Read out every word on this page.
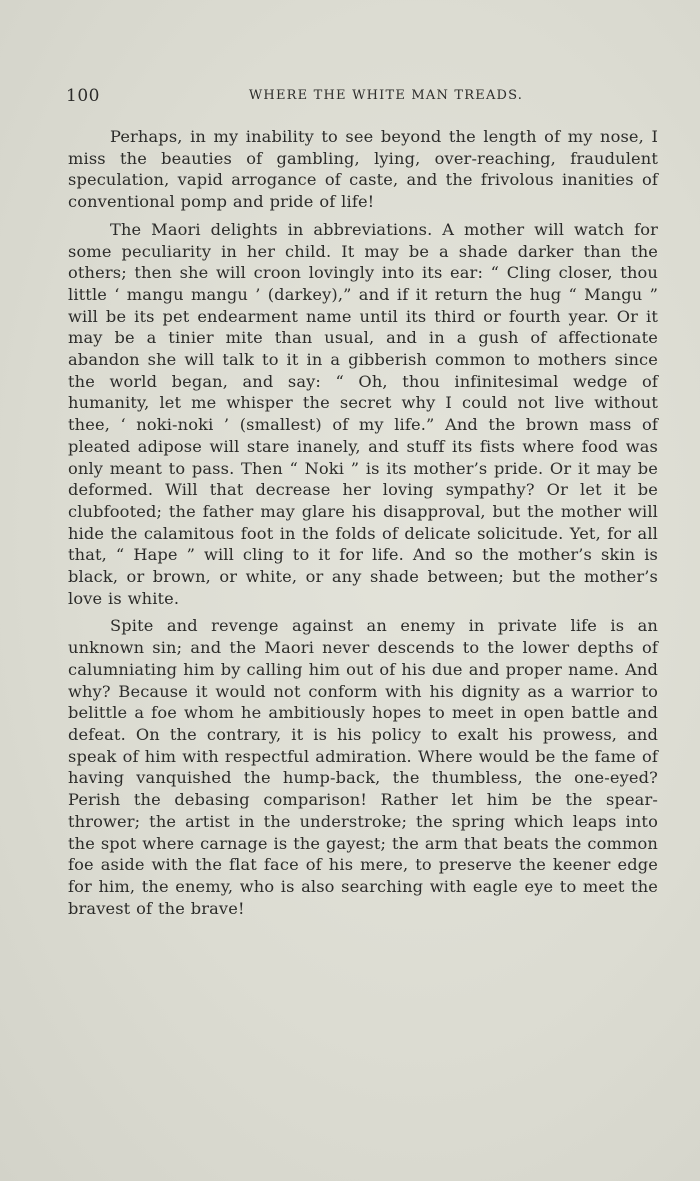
100	WHERE THE WHITE MAN TREADS.

Perhaps, in my inability to see beyond the length of my nose, I miss the beauties of gambling, lying, over-reaching, fraudulent speculation, vapid arrogance of caste, and the frivolous inanities of conventional pomp and pride of life!

The Maori delights in abbreviations. A mother will watch for some peculiarity in her child. It may be a shade darker than the others; then she will croon lovingly into its ear: “ Cling closer, thou little ‘ mangu mangu ’ (darkey),” and if it return the hug “ Mangu ” will be its pet endearment name until its third or fourth year. Or it may be a tinier mite than usual, and in a gush of affectionate abandon she will talk to it in a gibberish common to mothers since the world began, and say: “ Oh, thou infinitesimal wedge of humanity, let me whisper the secret why I could not live without thee, ‘ noki-noki ’ (smallest) of my life.” And the brown mass of pleated adipose will stare inanely, and stuff its fists where food was only meant to pass. Then “ Noki ” is its mother’s pride. Or it may be deformed. Will that decrease her loving sympathy? Or let it be clubfooted; the father may glare his disapproval, but the mother will hide the calamitous foot in the folds of delicate solicitude. Yet, for all that, “ Hape ” will cling to it for life. And so the mother’s skin is black, or brown, or white, or any shade between; but the mother’s love is white.

Spite and revenge against an enemy in private life is an unknown sin; and the Maori never descends to the lower depths of calumniating him by calling him out of his due and proper name. And why? Because it would not conform with his dignity as a warrior to belittle a foe whom he ambitiously hopes to meet in open battle and defeat. On the contrary, it is his policy to exalt his prowess, and speak of him with respectful admiration. Where would be the fame of having vanquished the hump-back, the thumbless, the one-eyed? Perish the debasing comparison! Rather let him be the spear-thrower; the artist in the understroke; the spring which leaps into the spot where carnage is the gayest; the arm that beats the common foe aside with the flat face of his mere, to preserve the keener edge for him, the enemy, who is also searching with eagle eye to meet the bravest of the brave!
